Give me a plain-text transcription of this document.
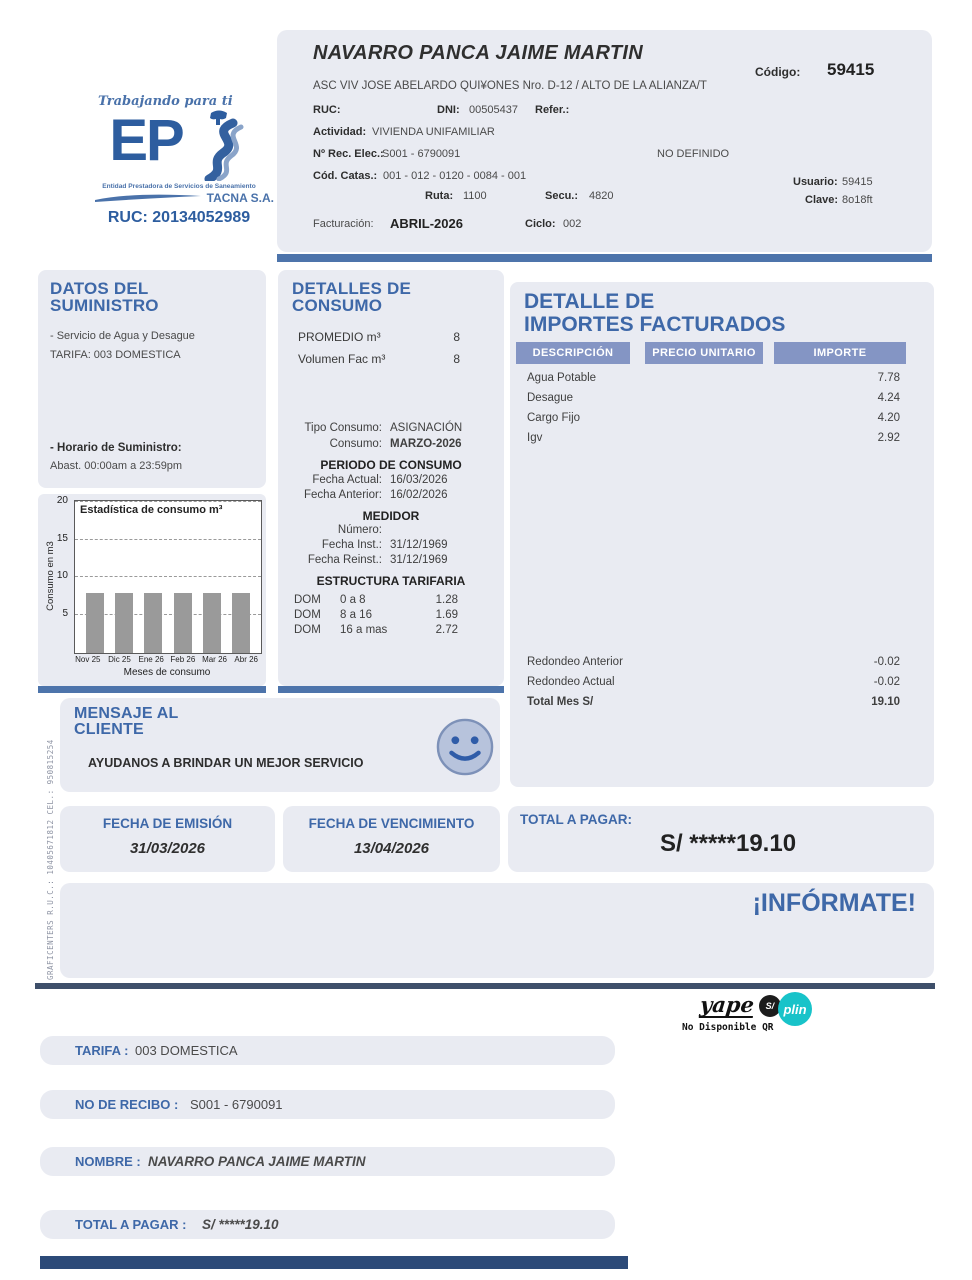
GRAFICENTERS R.U.C.: 10405671812 CEL.: 950815254
Trabajando para ti
EP
Entidad Prestadora de Servicios de Saneamiento
TACNA S.A.
RUC: 20134052989
NAVARRO PANCA JAIME MARTIN
Código: 59415
ASC VIV JOSE ABELARDO QUI¥ONES Nro. D-12 / ALTO DE LA ALIANZA/T
RUC:	DNI: 00505437 Refer.:
Actividad: VIVIENDA UNIFAMILIAR
Nº Rec. Elec.:
S001 - 6790091	NO DEFINIDO
Cód. Catas.: 001 - 012 - 0120 - 0084 - 001
Ruta: 1100	Secu.: 4820
Usuario: 59415
Clave: 8o18ft
Facturación: ABRIL-2026	Ciclo: 002
DATOS DEL
SUMINISTRO
- Servicio de Agua y Desague
TARIFA: 003 DOMESTICA
- Horario de Suministro:
Abast. 00:00am a 23:59pm
5
10
15
20
Consumo en m3
Estadística de consumo m³
Nov 25 Dic 25 Ene 26 Feb 26 Mar 26 Abr 26
Meses de consumo
DETALLES DE
CONSUMO
PROMEDIO m³	8
Volumen Fac m³	8
Tipo Consumo: ASIGNACIÓN
Consumo: MARZO-2026
PERIODO DE CONSUMO
Fecha Actual: 16/03/2026
Fecha Anterior: 16/02/2026
MEDIDOR
Número:
Fecha Inst.: 31/12/1969
Fecha Reinst.: 31/12/1969
ESTRUCTURA TARIFARIA
DOM	0 a 8	1.28
DOM	8 a 16	1.69
DOM	16 a mas	2.72
DETALLE DE
IMPORTES FACTURADOS
DESCRIPCIÓN	PRECIO UNITARIO	IMPORTE
Agua Potable	7.78
Desague	4.24
Cargo Fijo	4.20
Igv	2.92
Redondeo Anterior	-0.02
Redondeo Actual	-0.02
Total Mes S/	19.10
MENSAJE AL
CLIENTE
AYUDANOS A BRINDAR UN MEJOR SERVICIO
FECHA DE EMISIÓN
31/03/2026
FECHA DE VENCIMIENTO
13/04/2026
TOTAL A PAGAR:
S/ *****19.10
¡INFÓRMATE!
yape	S/ plin
No Disponible QR
TARIFA : 003 DOMESTICA
NO DE RECIBO : S001 - 6790091
NOMBRE : NAVARRO PANCA JAIME MARTIN
TOTAL A PAGAR : S/ *****19.10
